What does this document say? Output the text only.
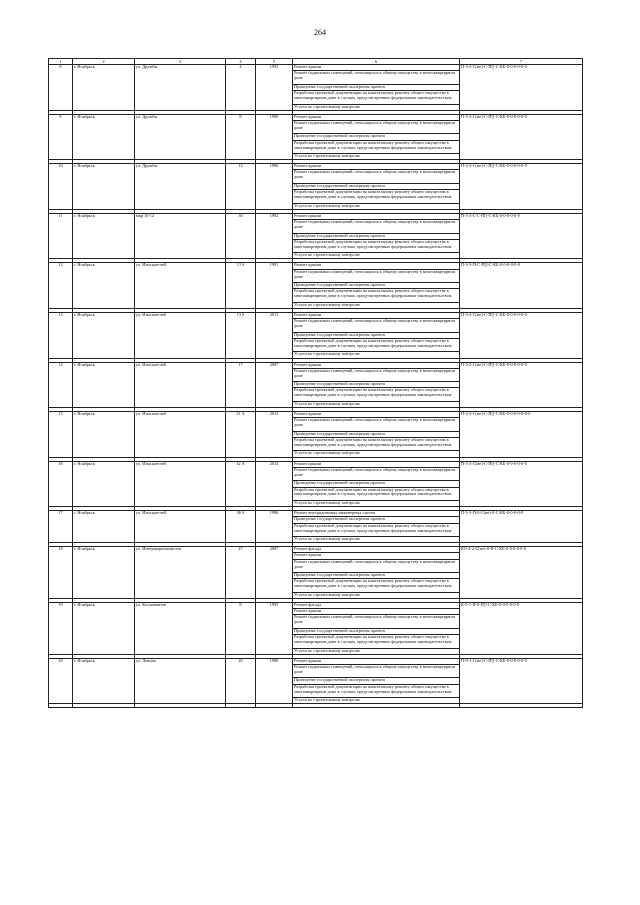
264
1	2	3	4	5	6	7
8	г. Ноябрьск	ул. Дружбы	4	1992	Ремонт крыши	П-3-3-С(не)-С-П[]-С-КБ-0-0-0-0-0-0
					Ремонт подвальных помещений, относящихся к общему имуществу в многоквартирном доме	
					Проведение государственной экспертизы проекта	
					Разработка проектной документации на капитальному ремонту общего имущества в многоквартирном доме в случаях, предусмотренных федеральным законодательством	
					Услуги по строительному контролю	

9	г. Ноябрьск	ул. Дружбы	8	1989	Ремонт крыши	П-3-3-С(не)-С-П[]-С-КБ-0-0-0-0-0-0
					Ремонт подвальных помещений, относящихся к общему имуществу в многоквартирном доме	
					Проведение государственной экспертизы проекта	
					Разработка проектной документации на капитальному ремонту общего имущества в многоквартирном доме в случаях, предусмотренных федеральным законодательством	
					Услуги по строительному контролю	

10	г. Ноябрьск	ул. Дружбы	12	1986	Ремонт крыши	П-3-3-С(не)-С-П[]-С-КБ-0-0-0-0-0-0
					Ремонт подвальных помещений, относящихся к общему имуществу в многоквартирном доме	
					Проведение государственной экспертизы проекта	
					Разработка проектной документации на капитальному ремонту общего имущества в многоквартирном доме в случаях, предусмотренных федеральным законодательством	
					Услуги по строительному контролю	

11	г. Ноябрьск	мкр 10-12	36	1992	Ремонт крыши	П-3-3-С-С-П[]-С-КБ-0-0-0-0-0-0
					Ремонт подвальных помещений, относящихся к общему имуществу в многоквартирном доме	
					Проведение государственной экспертизы проекта	
					Разработка проектной документации на капитальному ремонту общего имущества в многоквартирном доме в случаях, предусмотренных федеральным законодательством	
					Услуги по строительному контролю	

12	г. Ноябрьск	ул. Изыскателей	13 б	1991	Ремонт крыши	П-3-3-П-С-П[]-С-КБ-0-0-0-0-0-0
					Ремонт подвальных помещений, относящихся к общему имуществу в многоквартирном доме	
					Проведение государственной экспертизы проекта	
					Разработка проектной документации на капитальному ремонту общего имущества в многоквартирном доме в случаях, предусмотренных федеральным законодательством	
					Услуги по строительному контролю	

13	г. Ноябрьск	ул. Изыскателей	13 б	2011	Ремонт крыши	П-3-4-С(не)-С-П[]-С-КБ-0-0-0-0-0-0
					Ремонт подвальных помещений, относящихся к общему имуществу в многоквартирном доме	
					Проведение государственной экспертизы проекта	
					Разработка проектной документации на капитальному ремонту общего имущества в многоквартирном доме в случаях, предусмотренных федеральным законодательством	
					Услуги по строительному контролю	

14	г. Ноябрьск	ул. Изыскателей	17	2007	Ремонт крыши	П-3-2-С(не)-С-П[]-С-КБ-0-0-0-0-0-0
					Ремонт подвальных помещений, относящихся к общему имуществу в многоквартирном доме	
					Проведение государственной экспертизы проекта	
					Разработка проектной документации на капитальному ремонту общего имущества в многоквартирном доме в случаях, предусмотренных федеральным законодательством	
					Услуги по строительному контролю	

15	г. Ноябрьск	ул. Изыскателей	31 А	2014	Ремонт крыши	П-3-3-С(не)-С-П[]-С-КБ-0-0-0-0-0-0-0
					Ремонт подвальных помещений, относящихся к общему имуществу в многоквартирном доме	
					Проведение государственной экспертизы проекта	
					Разработка проектной документации на капитальному ремонту общего имущества в многоквартирном доме в случаях, предусмотренных федеральным законодательством	
					Услуги по строительному контролю	

16	г. Ноябрьск	ул. Изыскателей	32 А	2014	Ремонт крыши	П-3-3-С(не)-С-П[]-С-КБ-0-0-0-0-0-0
					Ремонт подвальных помещений, относящихся к общему имуществу в многоквартирном доме	
					Проведение государственной экспертизы проекта	
					Разработка проектной документации на капитальному ремонту общего имущества в многоквартирном доме в случаях, предусмотренных федеральным законодательством	
					Услуги по строительному контролю	

17	г. Ноябрьск	ул. Изыскателей	36 б	1986	Ремонт внутридомовых инженерных систем	П-5-3-П-0-С(не)-0-С-КБ-0-0-0-0-0
					Проведение государственной экспертизы проекта	
					Разработка проектной документации на капитальному ремонту общего имущества в многоквартирном доме в случаях, предусмотренных федеральным законодательством	
					Услуги по строительному контролю	

18	г. Ноябрьск	ул. Интернационалистов	47	2007	Ремонт фасада	КО-4-2-С(не)-0-П-С-КБ-0-0-0-0-0-0
					Ремонт крыши	
					Ремонт подвальных помещений, относящихся к общему имуществу в многоквартирном доме	
					Проведение государственной экспертизы проекта	
					Разработка проектной документации на капитальному ремонту общего имущества в многоквартирном доме в случаях, предусмотренных федеральным законодательством	
					Услуги по строительному контролю	

19	г. Ноябрьск	ул. Космонавтов	8	1993	Ремонт фасада	К-5-1-П-0-П[]-С-КБ-0-0-0-0-0-0
					Ремонт крыши	
					Ремонт подвальных помещений, относящихся к общему имуществу в многоквартирном доме	
					Проведение государственной экспертизы проекта	
					Разработка проектной документации на капитальному ремонту общего имущества в многоквартирном доме в случаях, предусмотренных федеральным законодательством	
					Услуги по строительному контролю	

20	г. Ноябрьск	ул. Ленина	20	1988	Ремонт крыши	П-9-1-С(не)-С-П[]-С-КБ-0-0-0-0-0-0
					Ремонт подвальных помещений, относящихся к общему имуществу в многоквартирном доме	
					Проведение государственной экспертизы проекта	
					Разработка проектной документации на капитальному ремонту общего имущества в многоквартирном доме в случаях, предусмотренных федеральным законодательством	
					Услуги по строительному контролю	
